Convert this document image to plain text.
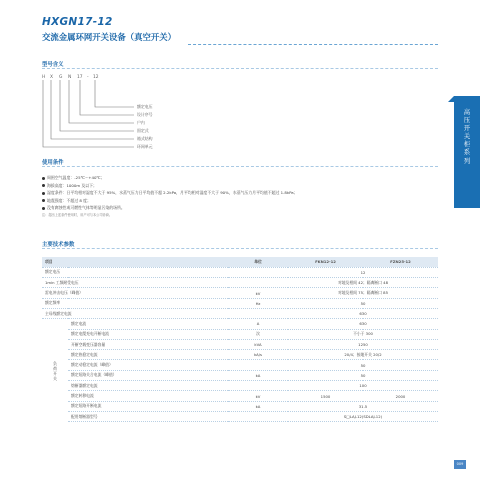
HXGN17-12
交流金属环网开关设备（真空开关）
高
压
开
关
柜
系
列
型号含义
H X G N 17 - 12
额定电压
设计序号
户内
固定式
箱式结构
环网单元
使用条件
周围空气温度：-25℃~+40℃；
海拔高度：1000m 及以下；
湿度条件：日平均相对湿度不大于 95%，水蒸气压力日平均值不超 2.2kPa，月平均相对湿度不大于 90%，水蒸气压力月平均值不超过 1.8kPa；
地震强度：不超过 8 度；
没有腐蚀性或可燃性气体等明显污染的场所。
注：超出上述条件使用时，用户可与本公司协商。
主要技术参数
项目		单位	FKN12-12	FZN25-12
额定电压			12	
1min 工频耐受电压			对地及相间 42；隔离断口 48	
雷电冲击电压（峰值）		kV	对地及相间 75；隔离断口 85	
额定频率		Hz	50	
主母线额定电流			630	

负
荷
开
关	额定电流	A	630	
	额定电缆充电开断电流	次	不小于 300	
	开断空载变压器容量	kVA	1250	
	额定热稳定电流	kA/s	20/4；接地开关 20/2	
	额定动稳定电流（峰值）		50	
	额定短路关合电流（峰值）	kA	50	
	熔断器额定电流		100	
	额定转移电流	kV	1500	2000
	额定短路开断电流	kA	31.5	
	配用熔断器型号		S□LAJ-12(SDLAJ-12)	
009
